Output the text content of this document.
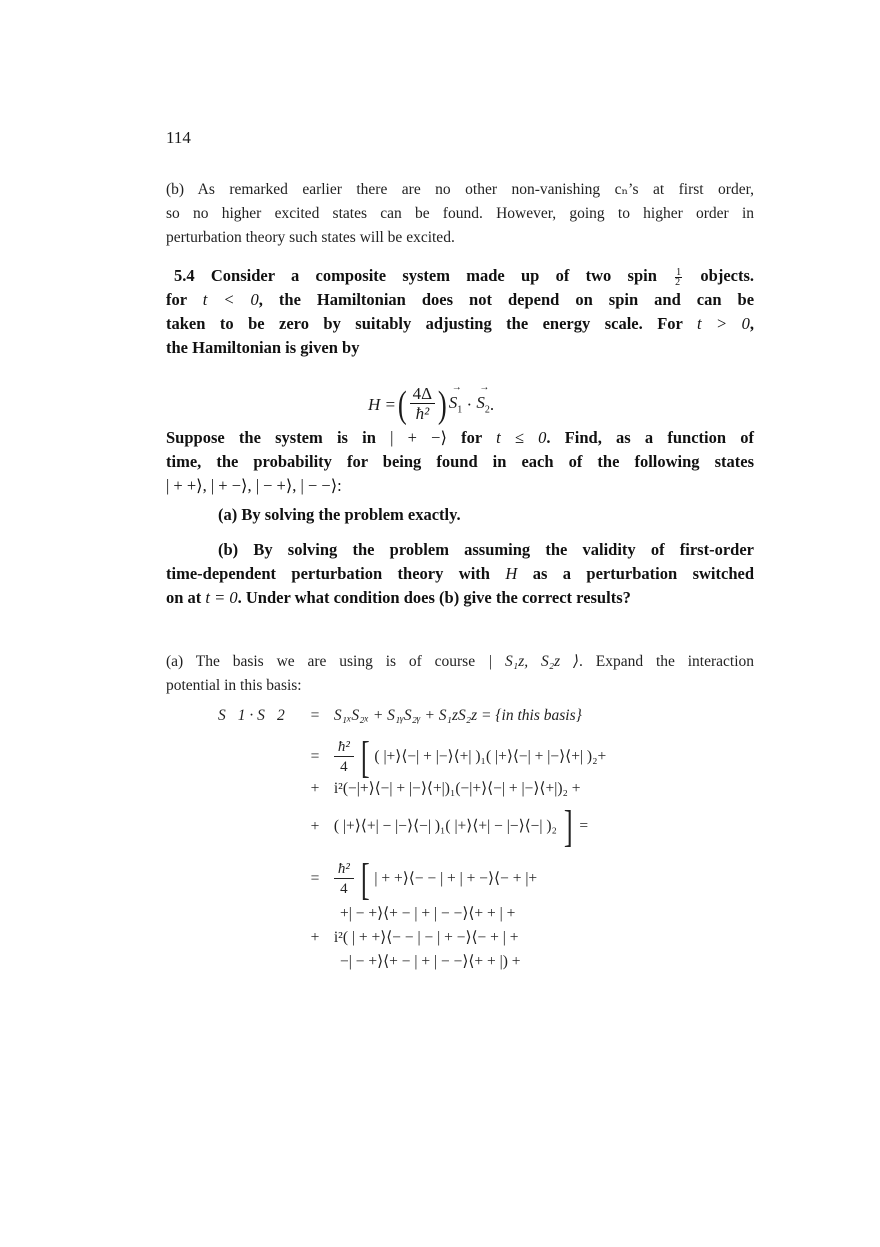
114
(b) As remarked earlier there are no other non-vanishing cₙ’s at first order,
so no higher excited states can be found. However, going to higher order in
perturbation theory such states will be excited.
5.4 Consider a composite system made up of two spin $\frac{1}{2}$ objects.
for t < 0, the Hamiltonian does not depend on spin and can be
taken to be zero by suitably adjusting the energy scale. For t > 0,
the Hamiltonian is given by
H = ( $\frac{4\Delta}{\text{ħ²}}$ ) → $S_1$
·
→ $S_2$ .
Suppose the system is in | + −⟩ for t ≤ 0. Find, as a function of
time, the probability for being found in each of the following states
| + +⟩, | + −⟩, | − +⟩, | − −⟩:
(a) By solving the problem exactly.
(b) By solving the problem assuming the validity of first-order
time-dependent perturbation theory with H as a perturbation switched
on at t = 0. Under what condition does (b) give the correct results?
(a) The basis we are using is of course | S₁z, S₂z ⟩. Expand the interaction
potential in this basis:
S⃗1 · S⃗2 = S₁ₓS₂ₓ + S₁ᵧS₂ᵧ + S₁zS₂z = {in this basis}
= $\frac{\text{ħ²}}{4}$ [ ( |+⟩⟨−| + |−⟩⟨+| )₁( |+⟩⟨−| + |−⟩⟨+| )₂+
+ i²(−|+⟩⟨−| + |−⟩⟨+|)₁(−|+⟩⟨−| + |−⟩⟨+|)₂ +
+ ( |+⟩⟨+| − |−⟩⟨−| )₁( |+⟩⟨+| − |−⟩⟨−| )₂ ] =
= $\frac{\text{ħ²}}{4}$ [ | + +⟩⟨− − | + | + −⟩⟨− + |+
+| − +⟩⟨+ − | + | − −⟩⟨+ + | +
+ i²( | + +⟩⟨− − | − | + −⟩⟨− + | +
−| − +⟩⟨+ − | + | − −⟩⟨+ + |) +
